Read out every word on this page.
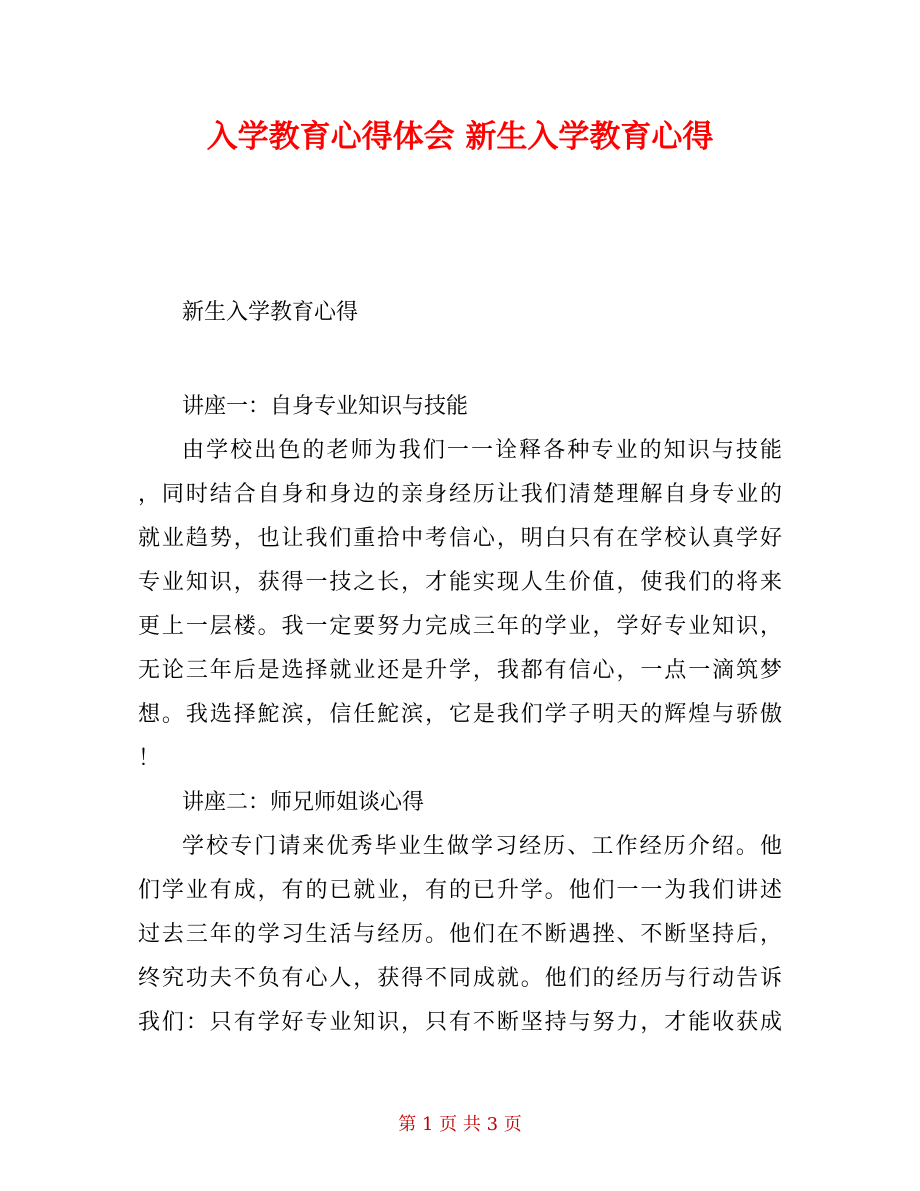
入学教育心得体会 新生入学教育心得
新生入学教育心得
讲座一：自身专业知识与技能
由学校出色的老师为我们一一诠释各种专业的知识与技能
，同时结合自身和身边的亲身经历让我们清楚理解自身专业的
就业趋势，也让我们重拾中考信心，明白只有在学校认真学好
专业知识，获得一技之长，才能实现人生价值，使我们的将来
更上一层楼。我一定要努力完成三年的学业，学好专业知识，
无论三年后是选择就业还是升学，我都有信心，一点一滴筑梦
想。我选择鮀滨，信任鮀滨，它是我们学子明天的辉煌与骄傲
！
讲座二：师兄师姐谈心得
学校专门请来优秀毕业生做学习经历、工作经历介绍。他
们学业有成，有的已就业，有的已升学。他们一一为我们讲述
过去三年的学习生活与经历。他们在不断遇挫、不断坚持后，
终究功夫不负有心人，获得不同成就。他们的经历与行动告诉
我们：只有学好专业知识，只有不断坚持与努力，才能收获成
第 1 页 共 3 页
